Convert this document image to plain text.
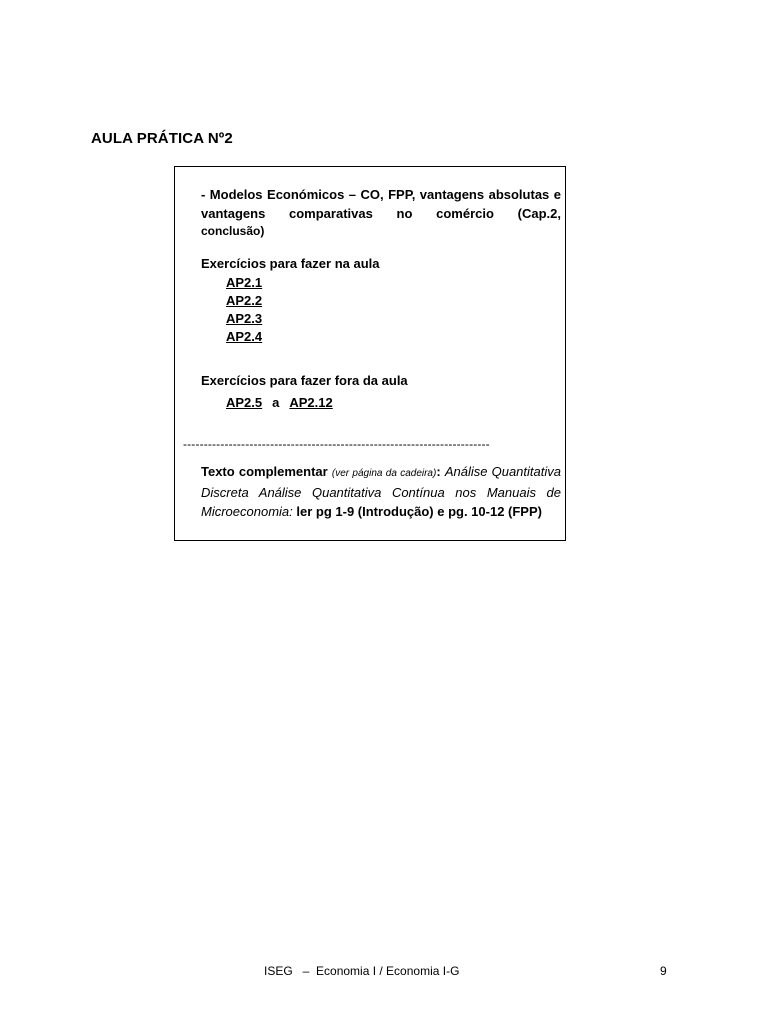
AULA PRÁTICA Nº2
- Modelos Económicos – CO, FPP, vantagens absolutas e vantagens comparativas no comércio (Cap.2,
conclusão)
Exercícios para fazer na aula
AP2.1
AP2.2
AP2.3
AP2.4
Exercícios para fazer fora da aula
AP2.5 a AP2.12
--------------------------------------------------------------------------
Texto complementar (ver página da cadeira): Análise Quantitativa Discreta Análise Quantitativa Contínua nos Manuais de Microeconomia: ler pg 1-9 (Introdução) e pg. 10-12 (FPP)
ISEG   –  Economia I / Economia I-G	9
